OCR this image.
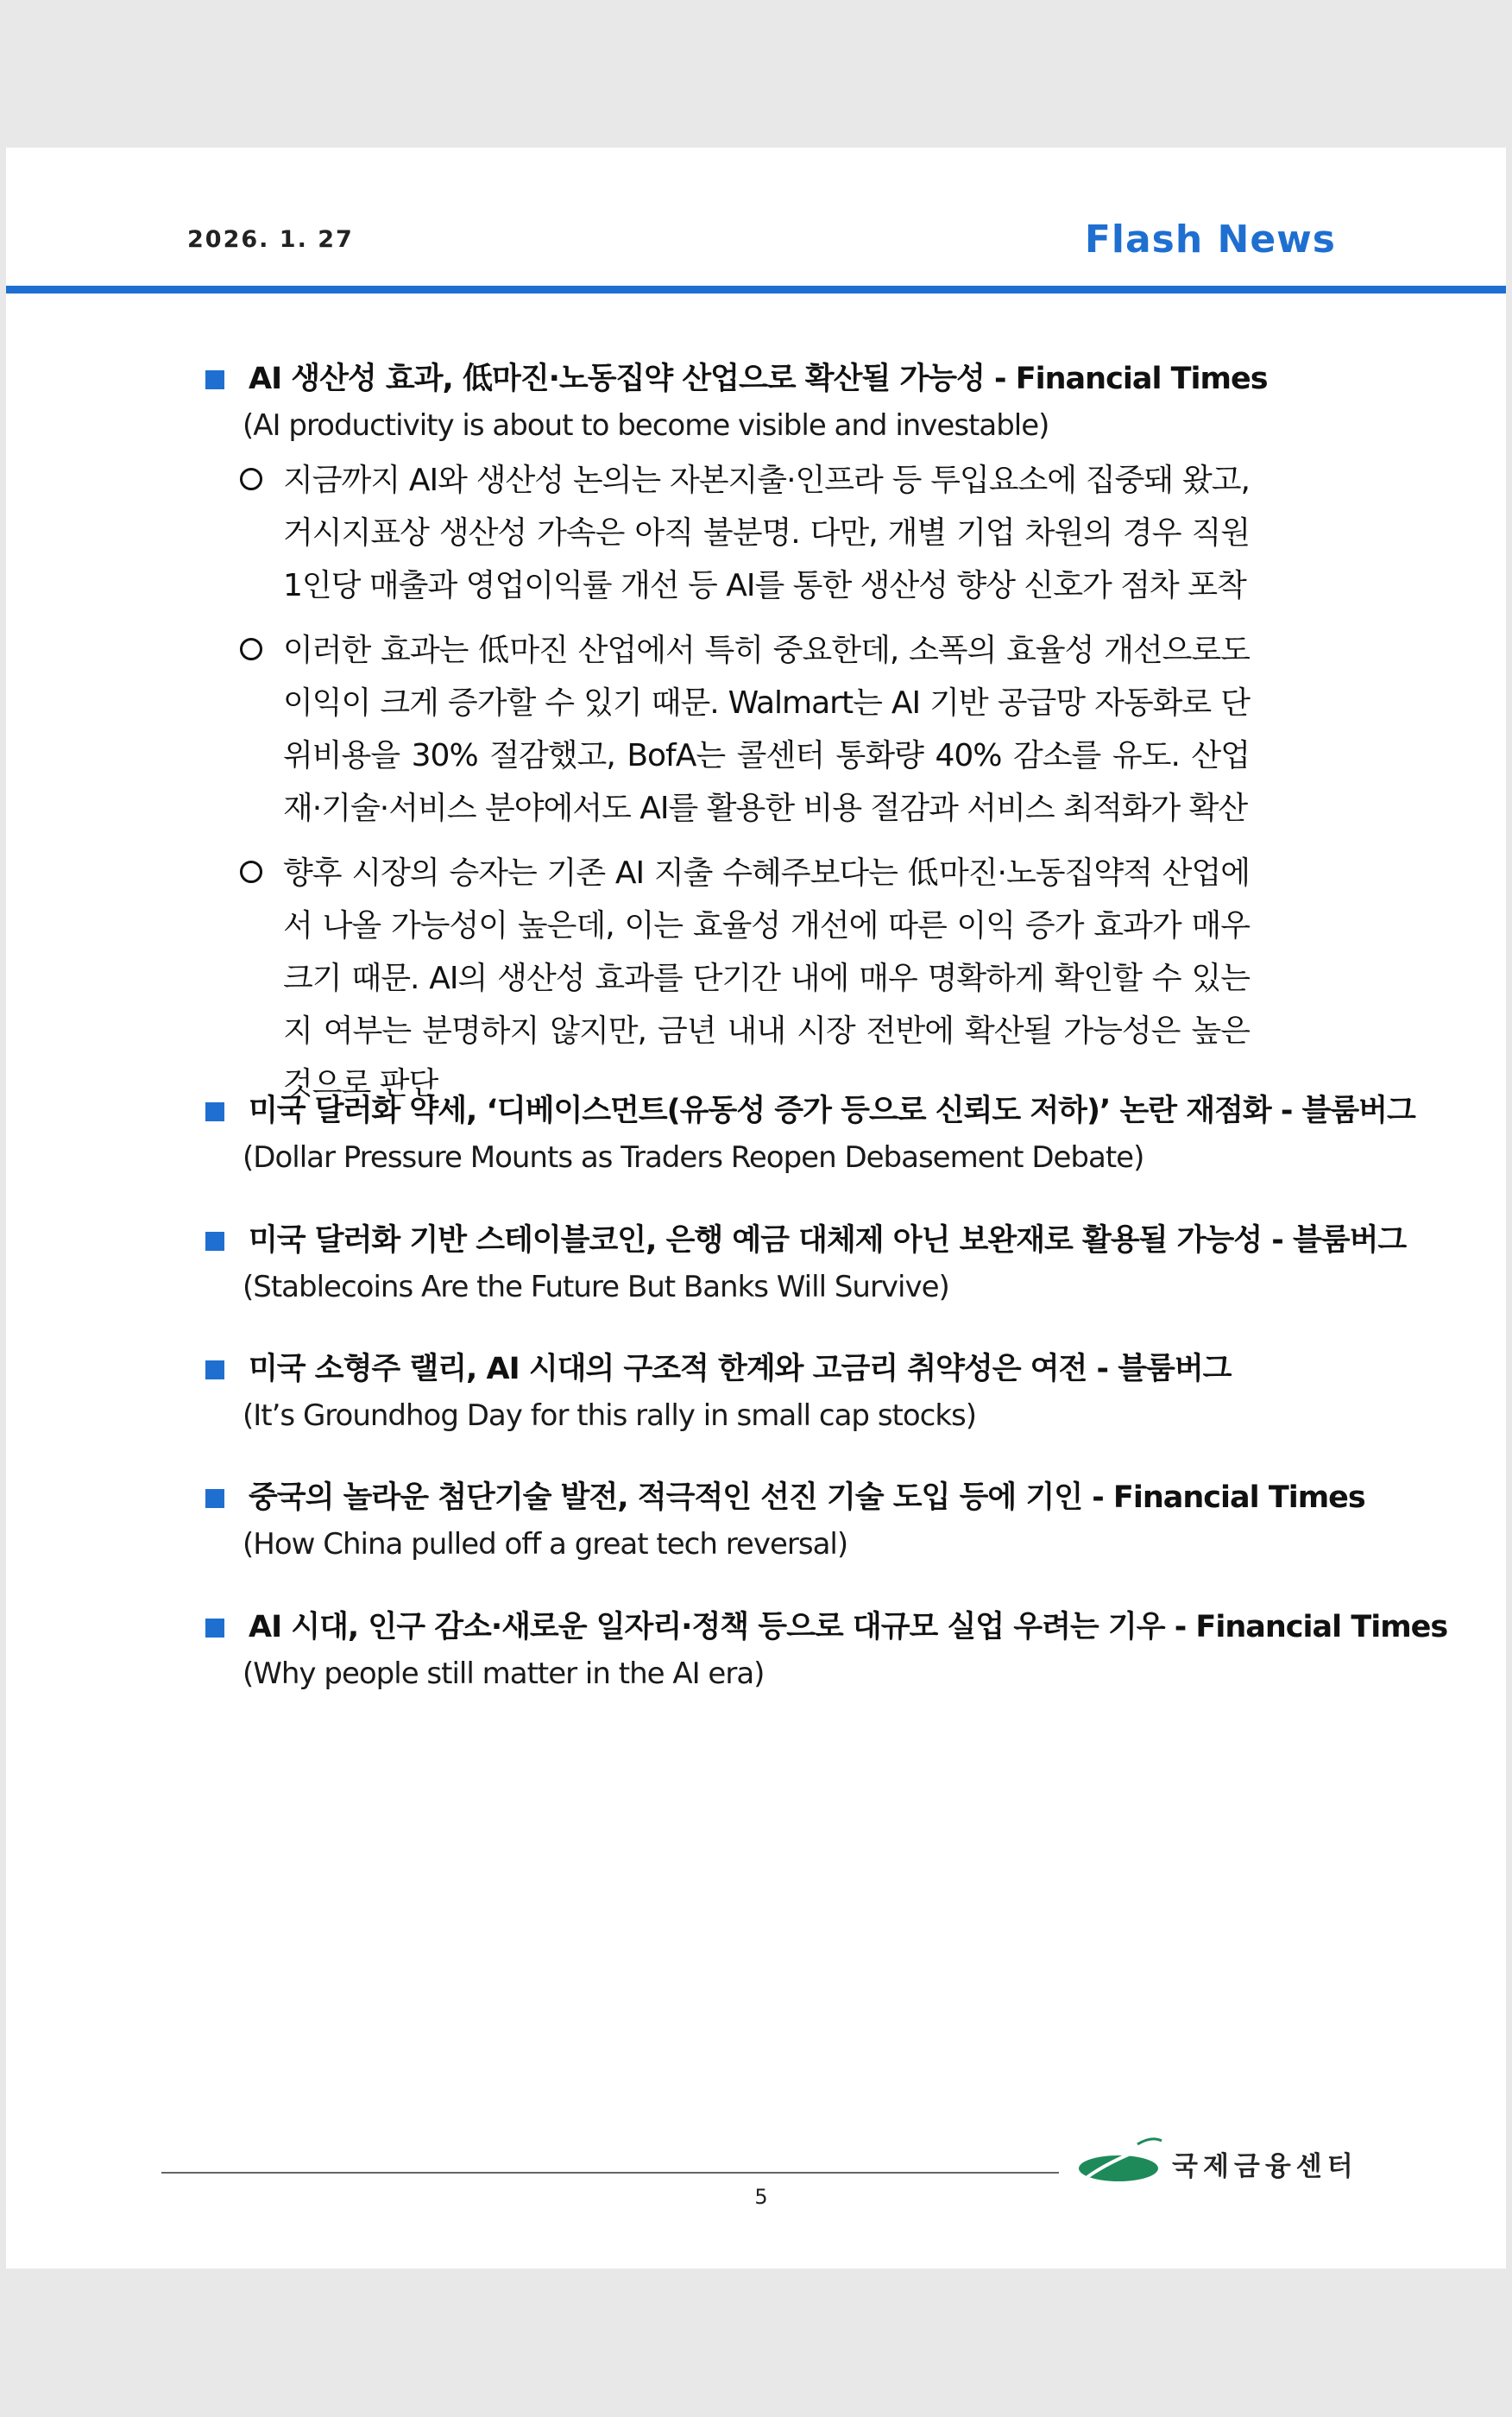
2026. 1. 27	Flash News
AI 생산성 효과, 低마진·노동집약 산업으로 확산될 가능성 - Financial Times
(AI productivity is about to become visible and investable)
지금까지 AI와 생산성 논의는 자본지출·인프라 등 투입요소에 집중돼 왔고, 거시지표상 생산성 가속은 아직 불분명. 다만, 개별 기업 차원의 경우 직원 1인당 매출과 영업이익률 개선 등 AI를 통한 생산성 향상 신호가 점차 포착
이러한 효과는 低마진 산업에서 특히 중요한데, 소폭의 효율성 개선으로도 이익이 크게 증가할 수 있기 때문. Walmart는 AI 기반 공급망 자동화로 단위비용을 30% 절감했고, BofA는 콜센터 통화량 40% 감소를 유도. 산업재·기술·서비스 분야에서도 AI를 활용한 비용 절감과 서비스 최적화가 확산
향후 시장의 승자는 기존 AI 지출 수혜주보다는 低마진·노동집약적 산업에서 나올 가능성이 높은데, 이는 효율성 개선에 따른 이익 증가 효과가 매우 크기 때문. AI의 생산성 효과를 단기간 내에 매우 명확하게 확인할 수 있는지 여부는 분명하지 않지만, 금년 내내 시장 전반에 확산될 가능성은 높은 것으로 판단
미국 달러화 약세, ‘디베이스먼트(유동성 증가 등으로 신뢰도 저하)’ 논란 재점화 - 블룸버그
(Dollar Pressure Mounts as Traders Reopen Debasement Debate)
미국 달러화 기반 스테이블코인, 은행 예금 대체제 아닌 보완재로 활용될 가능성 - 블룸버그
(Stablecoins Are the Future But Banks Will Survive)
미국 소형주 랠리, AI 시대의 구조적 한계와 고금리 취약성은 여전 - 블룸버그
(It’s Groundhog Day for this rally in small cap stocks)
중국의 놀라운 첨단기술 발전, 적극적인 선진 기술 도입 등에 기인 - Financial Times
(How China pulled off a great tech reversal)
AI 시대, 인구 감소·새로운 일자리·정책 등으로 대규모 실업 우려는 기우 - Financial Times
(Why people still matter in the AI era)
5
국제금융센터
